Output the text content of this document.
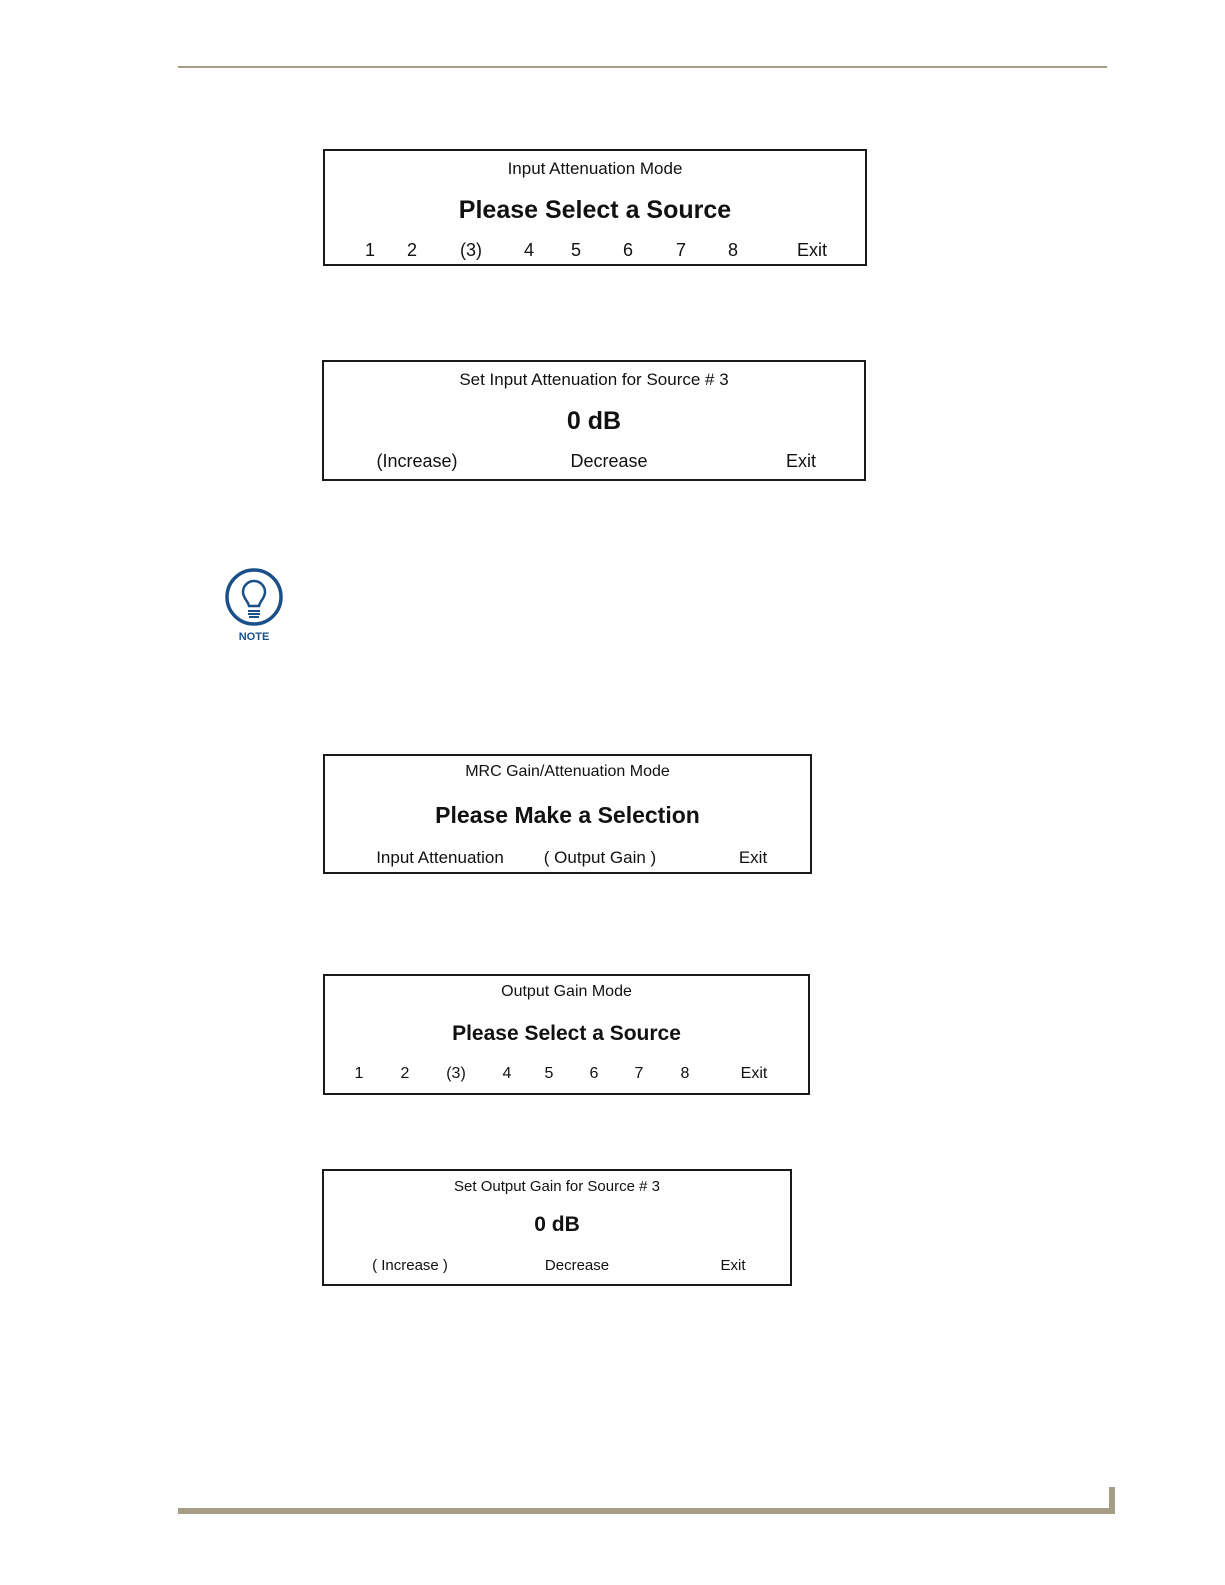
Input Attenuation Mode
Please Select a Source
1 2 (3) 4 5 6 7 8	Exit
Set Input Attenuation for Source # 3
0 dB
(Increase)	Decrease	Exit
NOTE
MRC Gain/Attenuation Mode
Please Make a Selection
Input Attenuation ( Output Gain )	Exit
Output Gain Mode
Please Select a Source
1 2 (3) 4 5 6 7 8	Exit
Set Output Gain for Source # 3
0 dB
( Increase )	Decrease	Exit
